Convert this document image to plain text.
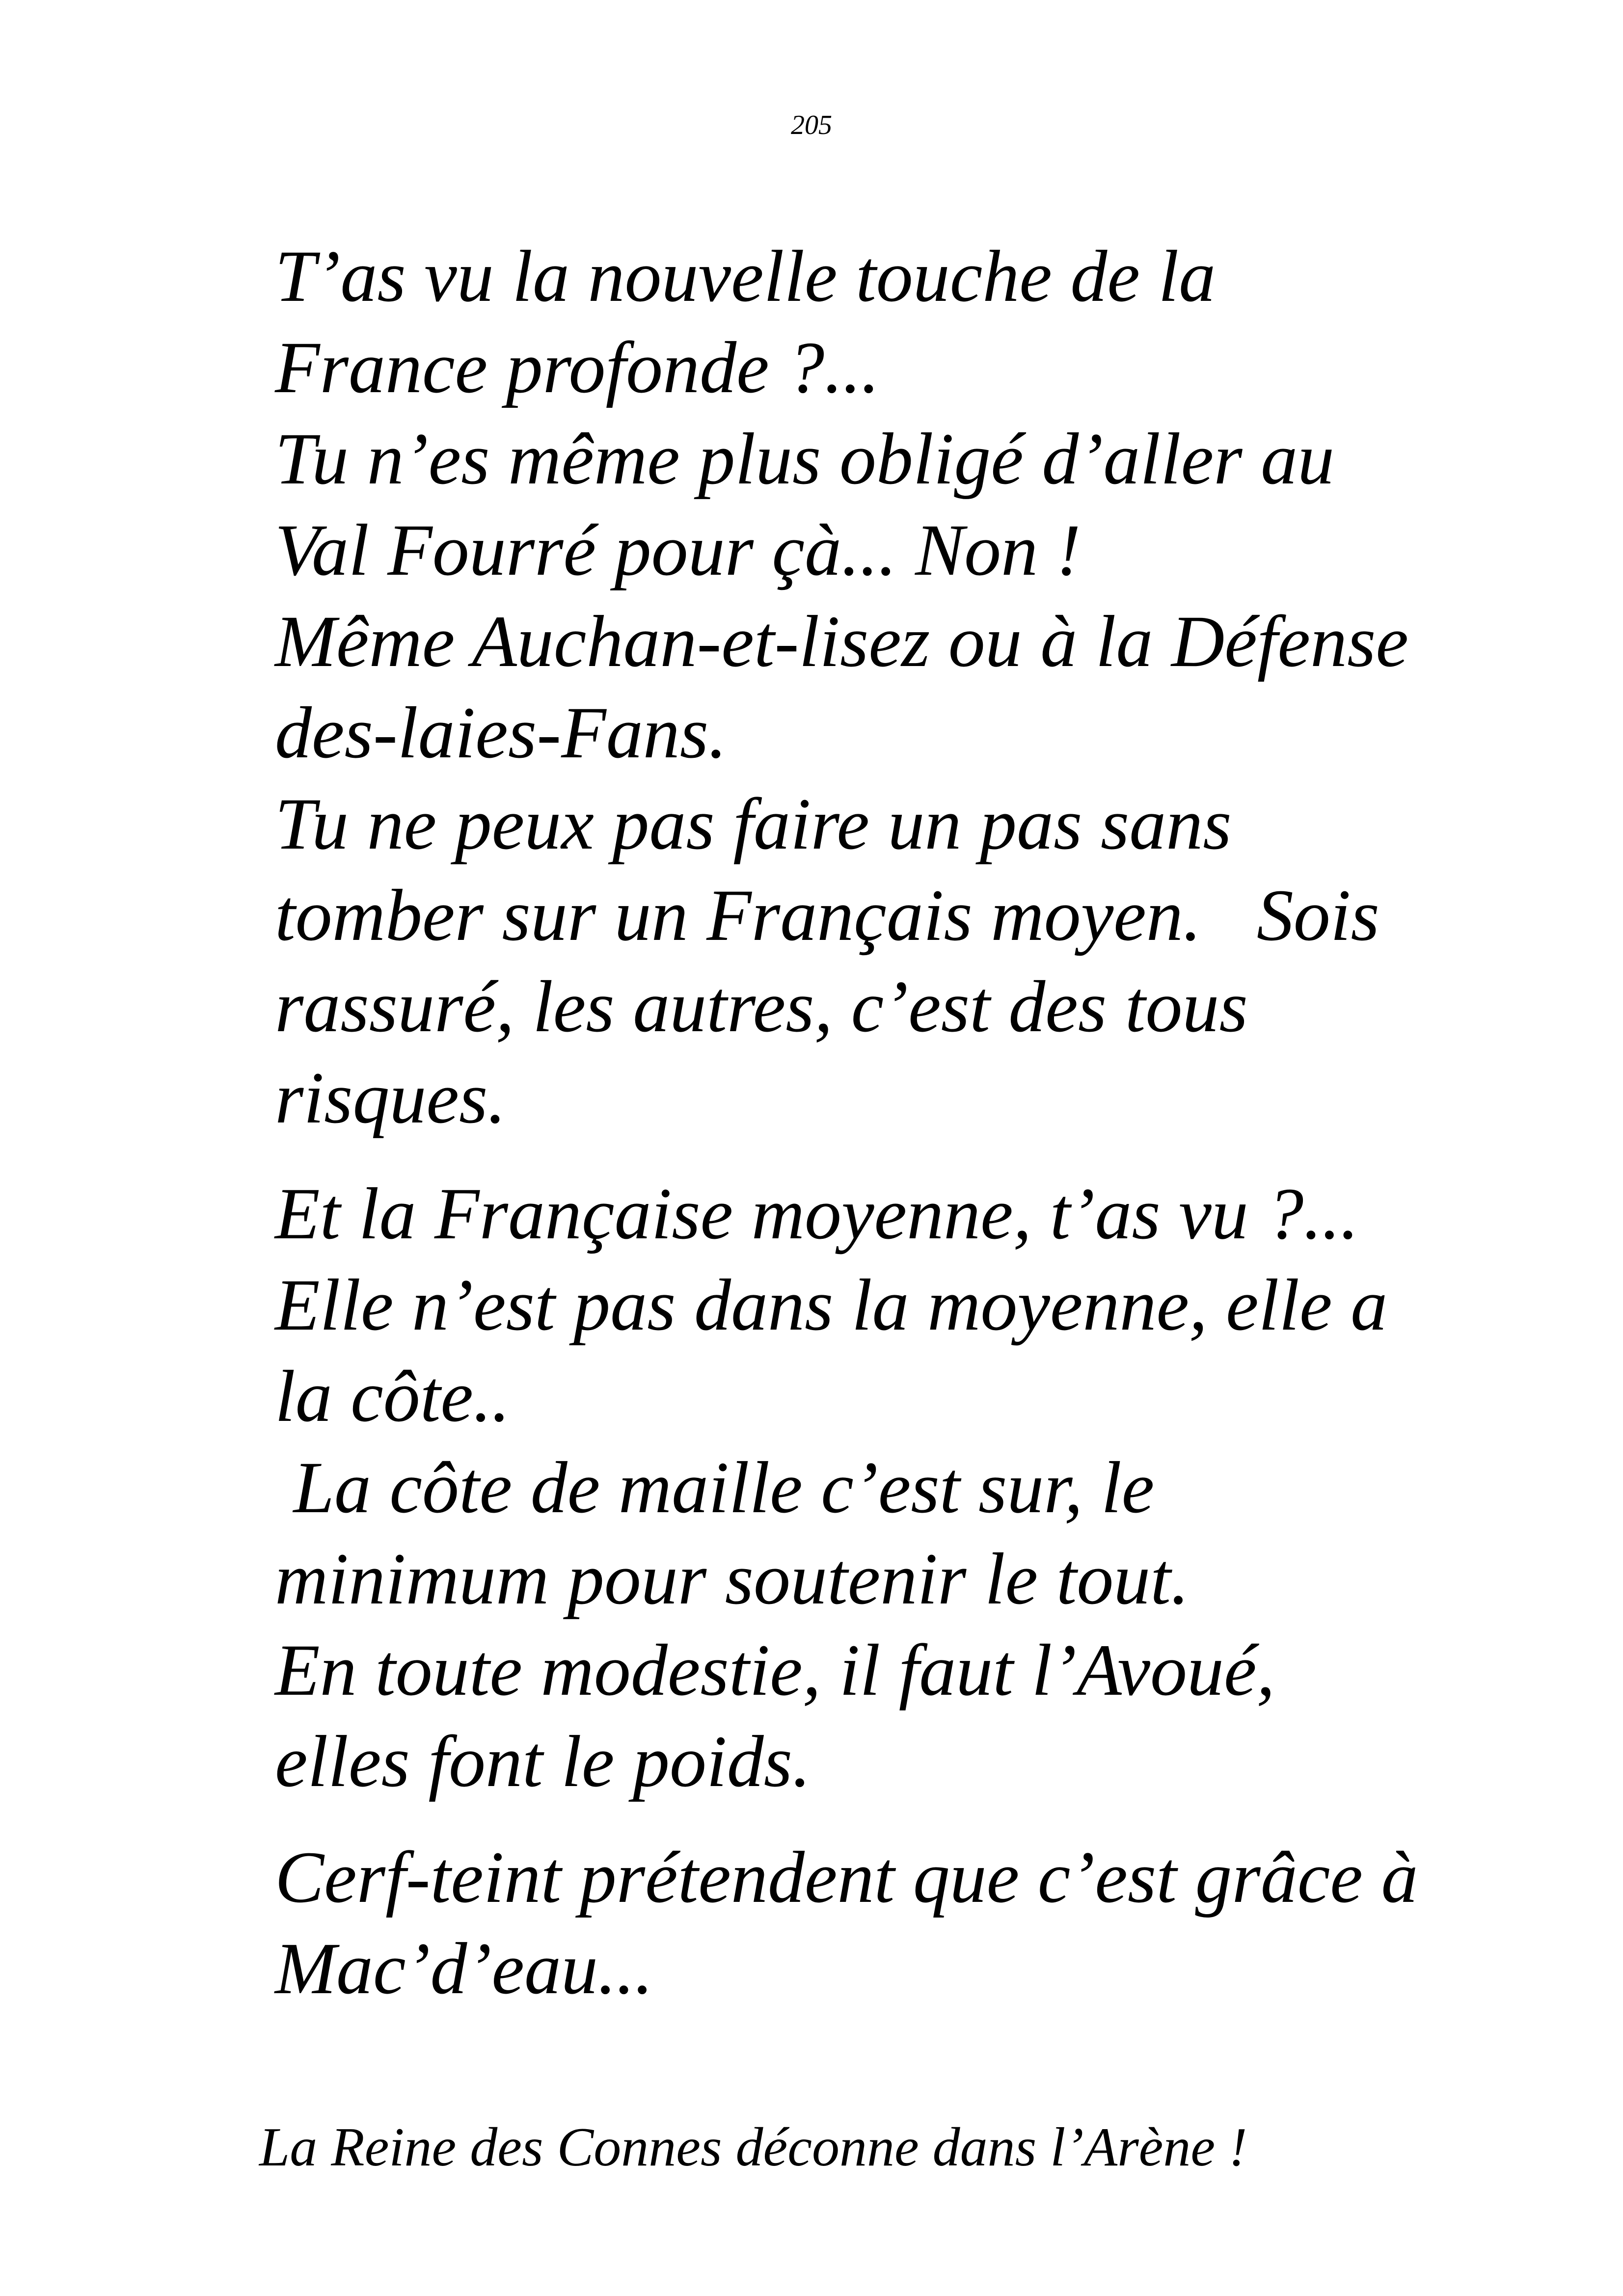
205

T’as vu la nouvelle touche de la
France profonde ?...
Tu n’es même plus obligé d’aller au
Val Fourré pour çà... Non !
Même Auchan-et-lisez ou à la Défense
des-laies-Fans.
Tu ne peux pas faire un pas sans
tomber sur un Français moyen.   Sois
rassuré, les autres, c’est des tous
risques.

Et la Française moyenne, t’as vu ?...
Elle n’est pas dans la moyenne, elle a
la côte..
La côte de maille c’est sur, le
minimum pour soutenir le tout.
En toute modestie, il faut l’Avoué,
elles font le poids.

Cerf-teint prétendent que c’est grâce à
Mac’d’eau...

La Reine des Connes déconne dans l’Arène !
